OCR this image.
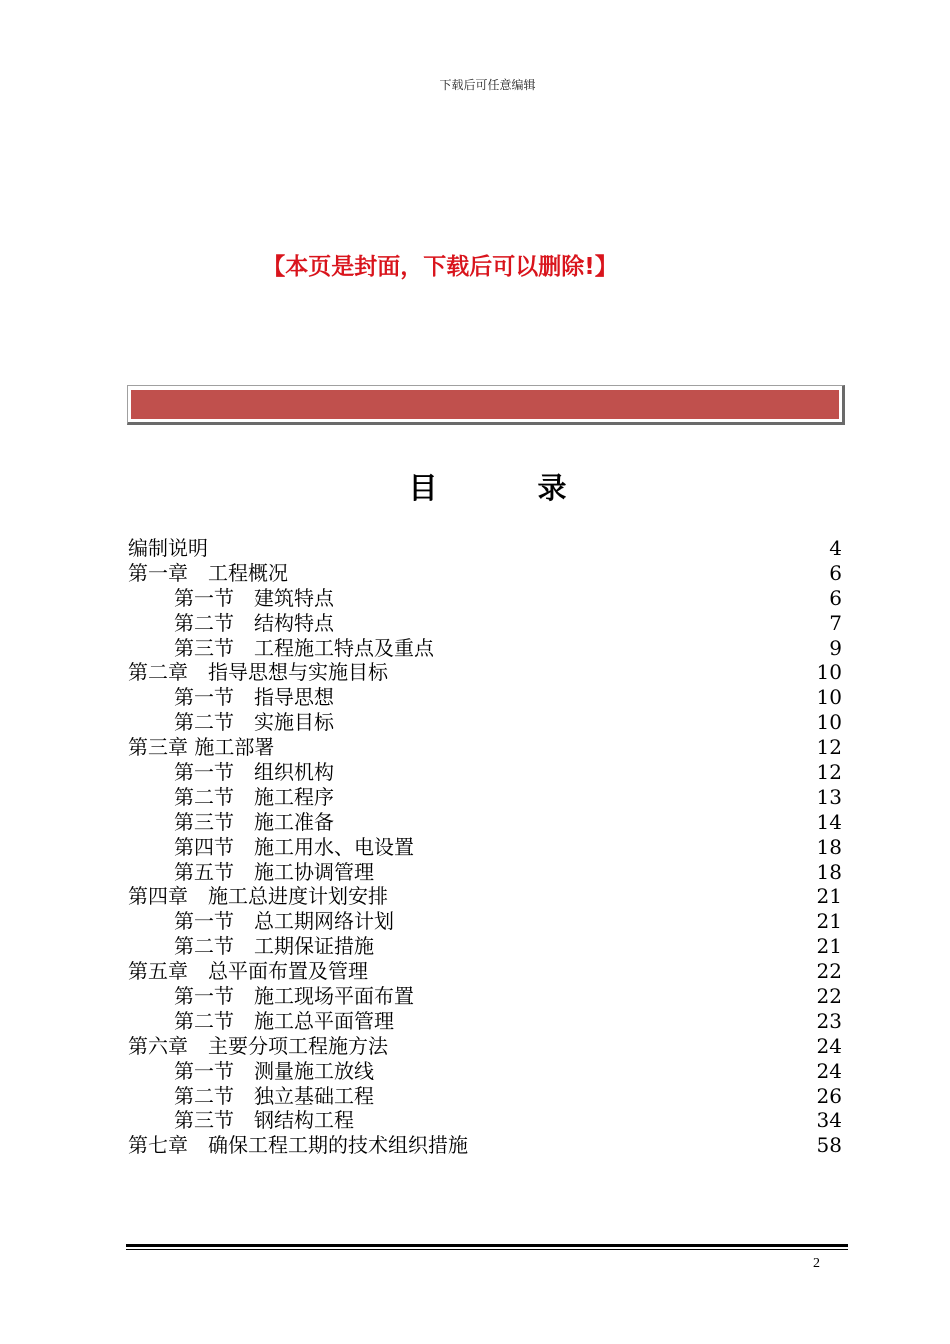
下载后可任意编辑
【本页是封面，下载后可以删除!】
目 录
编制说明	4
第一章　工程概况	6
第一节　建筑特点	6
第二节　结构特点	7
第三节　工程施工特点及重点	9
第二章　指导思想与实施目标	10
第一节　指导思想	10
第二节　实施目标	10
第三章 施工部署	12
第一节　组织机构	12
第二节　施工程序	13
第三节　施工准备	14
第四节　施工用水、电设置	18
第五节　施工协调管理	18
第四章　施工总进度计划安排	21
第一节　总工期网络计划	21
第二节　工期保证措施	21
第五章　总平面布置及管理	22
第一节　施工现场平面布置	22
第二节　施工总平面管理	23
第六章　主要分项工程施方法	24
第一节　测量施工放线	24
第二节　独立基础工程	26
第三节　钢结构工程	34
第七章　确保工程工期的技术组织措施	58
2
